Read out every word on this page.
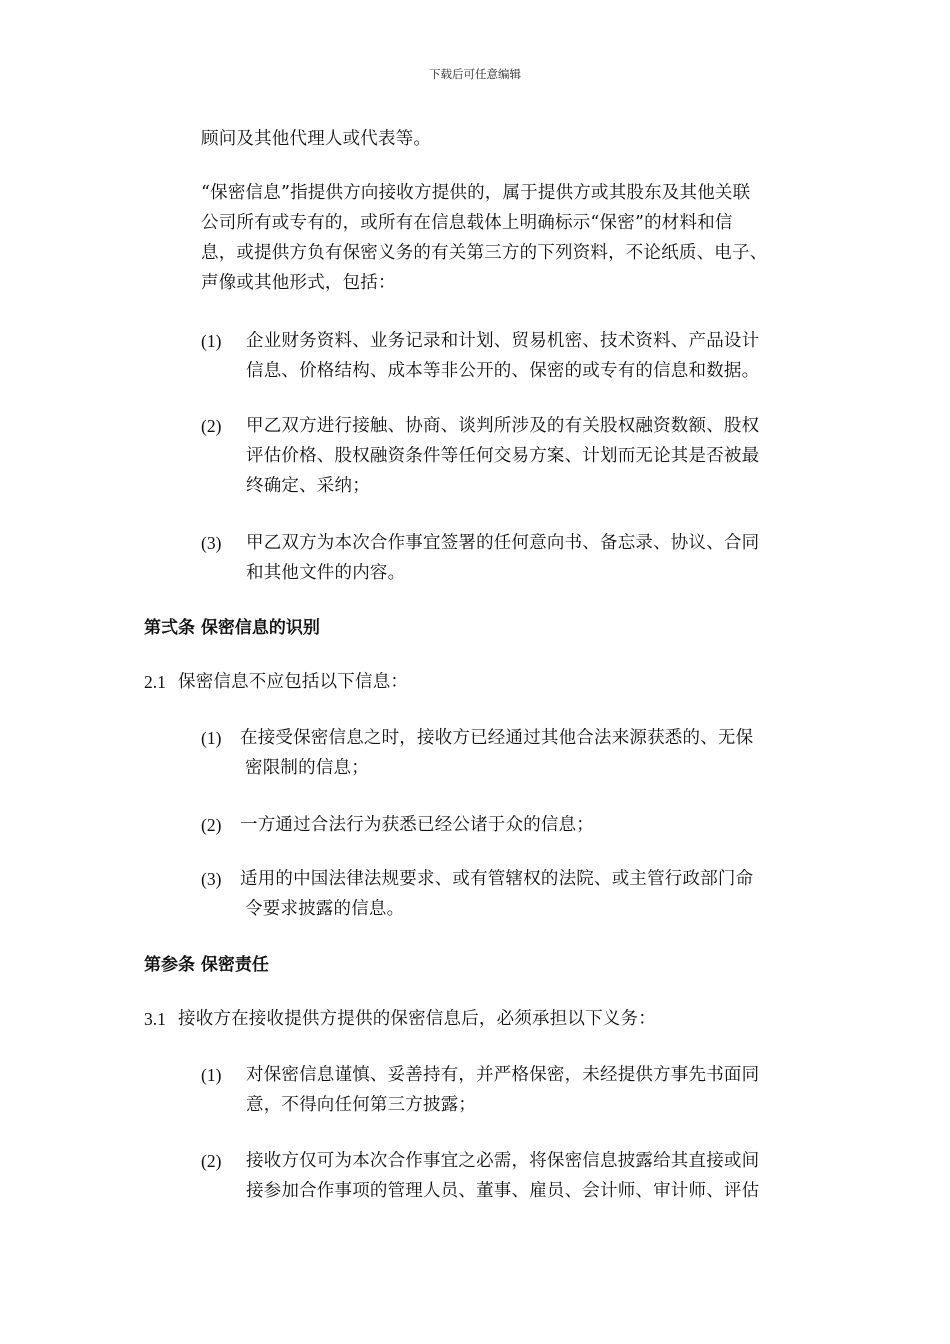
下载后可任意编辑
顾问及其他代理人或代表等。
“保密信息”指提供方向接收方提供的，属于提供方或其股东及其他关联
公司所有或专有的，或所有在信息载体上明确标示“保密”的材料和信
息，或提供方负有保密义务的有关第三方的下列资料，不论纸质、电子、
声像或其他形式，包括：
(1) 企业财务资料、业务记录和计划、贸易机密、技术资料、产品设计
信息、价格结构、成本等非公开的、保密的或专有的信息和数据。
(2) 甲乙双方进行接触、协商、谈判所涉及的有关股权融资数额、股权
评估价格、股权融资条件等任何交易方案、计划而无论其是否被最
终确定、采纳；
(3) 甲乙双方为本次合作事宜签署的任何意向书、备忘录、协议、合同
和其他文件的内容。
第弍条 保密信息的识别
2.1 保密信息不应包括以下信息：
(1) 在接受保密信息之时，接收方已经通过其他合法来源获悉的、无保
密限制的信息；
(2) 一方通过合法行为获悉已经公诸于众的信息；
(3) 适用的中国法律法规要求、或有管辖权的法院、或主管行政部门命
令要求披露的信息。
第参条 保密责任
3.1 接收方在接收提供方提供的保密信息后，必须承担以下义务：
(1) 对保密信息谨慎、妥善持有，并严格保密，未经提供方事先书面同
意，不得向任何第三方披露；
(2) 接收方仅可为本次合作事宜之必需，将保密信息披露给其直接或间
接参加合作事项的管理人员、董事、雇员、会计师、审计师、评估
